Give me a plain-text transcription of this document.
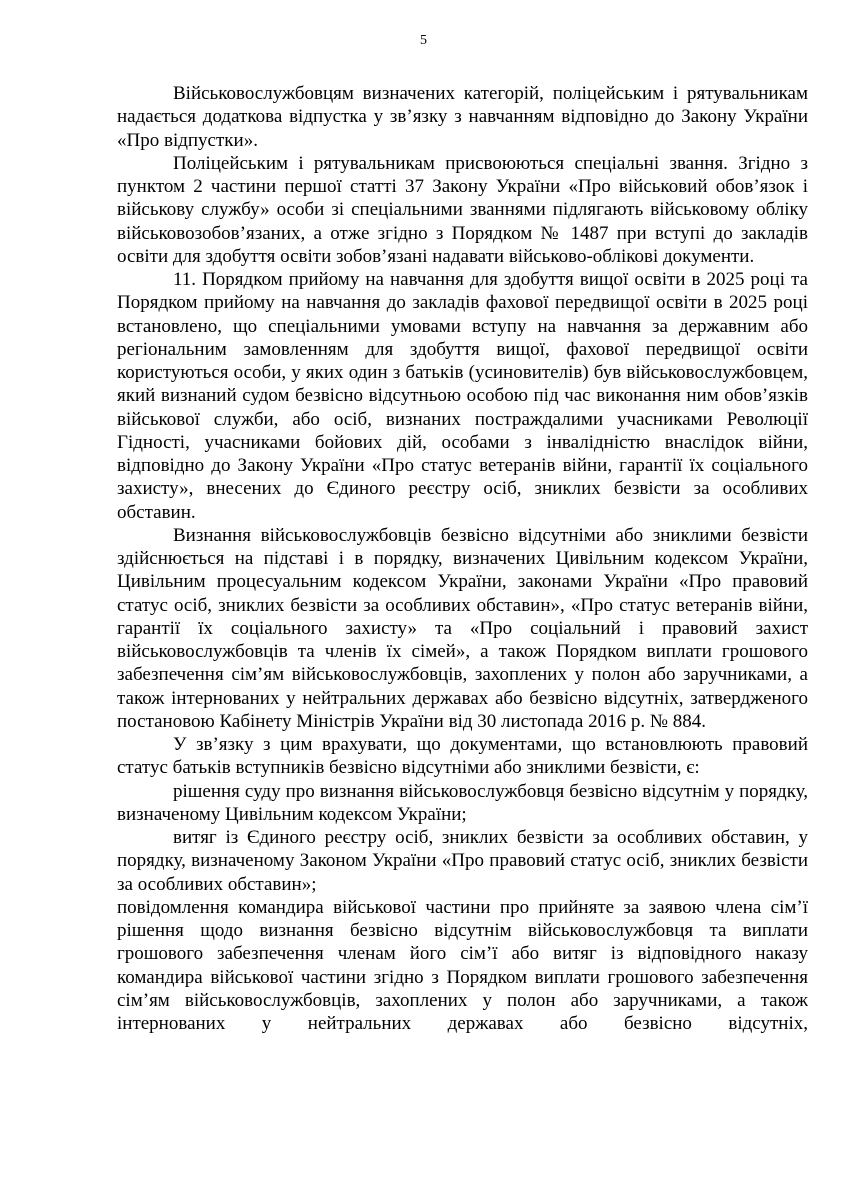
5

Військовослужбовцям визначених категорій, поліцейським і рятувальникам надається додаткова відпустка у зв’язку з навчанням відповідно до Закону України «Про відпустки».

Поліцейським і рятувальникам присвоюються спеціальні звання. Згідно з пунктом 2 частини першої статті 37 Закону України «Про військовий обов’язок і військову службу» особи зі спеціальними званнями підлягають військовому обліку військовозобов’язаних, а отже згідно з Порядком № 1487 при вступі до закладів освіти для здобуття освіти зобов’язані надавати військово-облікові документи.

11. Порядком прийому на навчання для здобуття вищої освіти в 2025 році та Порядком прийому на навчання до закладів фахової передвищої освіти в 2025 році встановлено, що спеціальними умовами вступу на навчання за державним або регіональним замовленням для здобуття вищої, фахової передвищої освіти користуються особи, у яких один з батьків (усиновителів) був військовослужбовцем, який визнаний судом безвісно відсутньою особою під час виконання ним обов’язків військової служби, або осіб, визнаних постраждалими учасниками Революції Гідності, учасниками бойових дій, особами з інвалідністю внаслідок війни, відповідно до Закону України «Про статус ветеранів війни, гарантії їх соціального захисту», внесених до Єдиного реєстру осіб, зниклих безвісти за особливих обставин.

Визнання військовослужбовців безвісно відсутніми або зниклими безвісти здійснюється на підставі і в порядку, визначених Цивільним кодексом України, Цивільним процесуальним кодексом України, законами України «Про правовий статус осіб, зниклих безвісти за особливих обставин», «Про статус ветеранів війни, гарантії їх соціального захисту» та «Про соціальний і правовий захист військовослужбовців та членів їх сімей», а також Порядком виплати грошового забезпечення сім’ям військовослужбовців, захоплених у полон або заручниками, а також інтернованих у нейтральних державах або безвісно відсутніх, затвердженого постановою Кабінету Міністрів України від 30 листопада 2016 р. № 884.

У зв’язку з цим врахувати, що документами, що встановлюють правовий статус батьків вступників безвісно відсутніми або зниклими безвісти, є:

рішення суду про визнання військовослужбовця безвісно відсутнім у порядку, визначеному Цивільним кодексом України;

витяг із Єдиного реєстру осіб, зниклих безвісти за особливих обставин, у порядку, визначеному Законом України «Про правовий статус осіб, зниклих безвісти за особливих обставин»;

повідомлення командира військової частини про прийняте за заявою члена сім’ї рішення щодо визнання безвісно відсутнім військовослужбовця та виплати грошового забезпечення членам його сім’ї або витяг із відповідного наказу командира військової частини згідно з Порядком виплати грошового забезпечення сім’ям військовослужбовців, захоплених у полон або заручниками, а також інтернованих у нейтральних державах або безвісно відсутніх,
